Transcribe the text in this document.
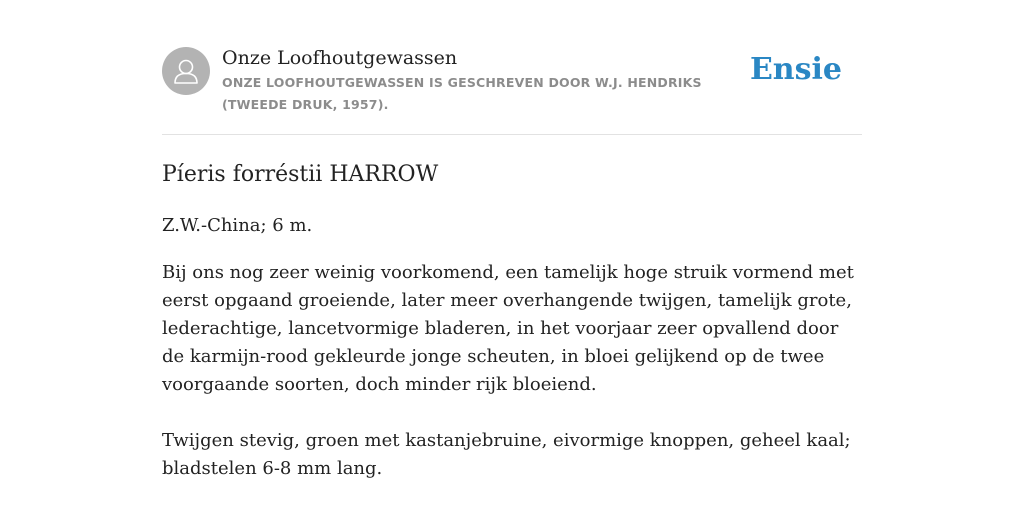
Onze Loofhoutgewassen
ONZE LOOFHOUTGEWASSEN IS GESCHREVEN DOOR W.J. HENDRIKS (TWEEDE DRUK, 1957).
Ensie
Píeris forréstii HARROW

Z.W.-China; 6 m.

Bij ons nog zeer weinig voorkomend, een tamelijk hoge struik vormend met eerst opgaand groeiende, later meer overhangende twijgen, tamelijk grote, lederachtige, lancetvormige bladeren, in het voorjaar zeer opvallend door de karmijn-rood gekleurde jonge scheuten, in bloei gelijkend op de twee voorgaande soorten, doch minder rijk bloeiend.

Twijgen stevig, groen met kastanjebruine, eivormige knoppen, geheel kaal; bladstelen 6-8 mm lang.
